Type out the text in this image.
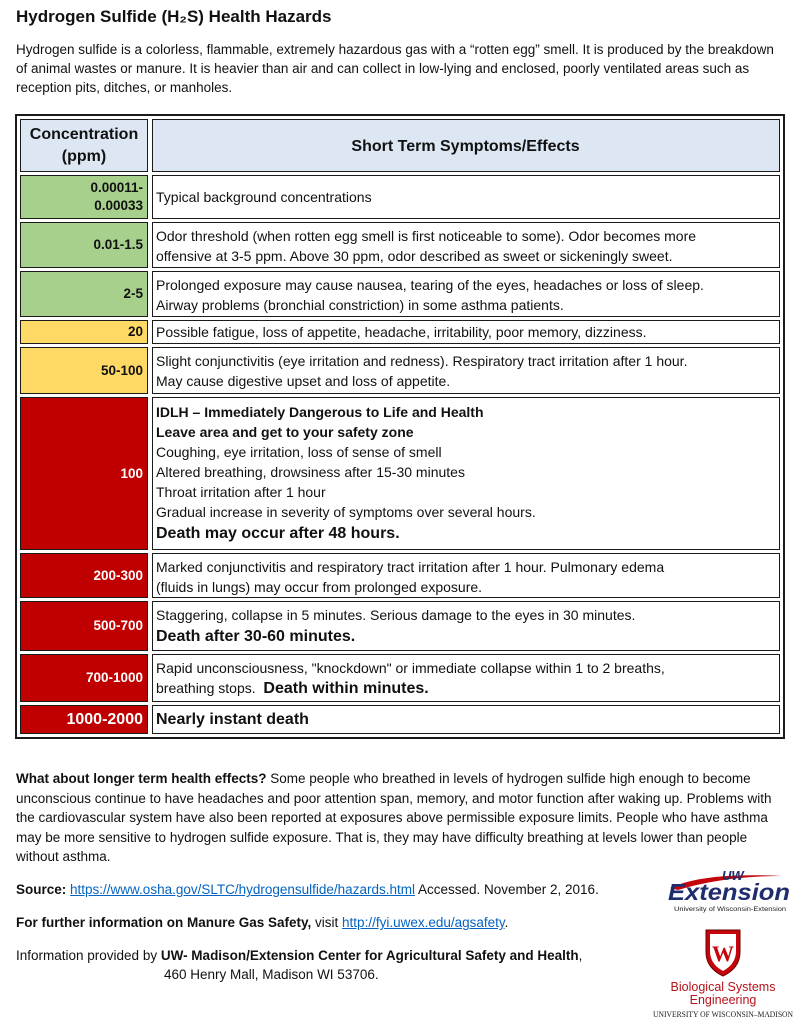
Hydrogen Sulfide (H₂S) Health Hazards
Hydrogen sulfide is a colorless, flammable, extremely hazardous gas with a “rotten egg” smell. It is produced by the breakdown of animal wastes or manure. It is heavier than air and can collect in low-lying and enclosed, poorly ventilated areas such as reception pits, ditches, or manholes.
Concentration
(ppm)
Short Term Symptoms/Effects
0.00011-
0.00033
Typical background concentrations
0.01-1.5
Odor threshold (when rotten egg smell is first noticeable to some). Odor becomes more
offensive at 3-5 ppm. Above 30 ppm, odor described as sweet or sickeningly sweet.
2-5
Prolonged exposure may cause nausea, tearing of the eyes, headaches or loss of sleep.
Airway problems (bronchial constriction) in some asthma patients.
20 Possible fatigue, loss of appetite, headache, irritability, poor memory, dizziness.
50-100
Slight conjunctivitis (eye irritation and redness). Respiratory tract irritation after 1 hour.
May cause digestive upset and loss of appetite.
100
IDLH – Immediately Dangerous to Life and Health
Leave area and get to your safety zone
Coughing, eye irritation, loss of sense of smell
Altered breathing, drowsiness after 15-30 minutes
Throat irritation after 1 hour
Gradual increase in severity of symptoms over several hours.
Death may occur after 48 hours.
200-300 Marked conjunctivitis and respiratory tract irritation after 1 hour. Pulmonary edema
(fluids in lungs) may occur from prolonged exposure.
500-700
Staggering, collapse in 5 minutes. Serious damage to the eyes in 30 minutes.
Death after 30-60 minutes.
700-1000
Rapid unconsciousness, "knockdown" or immediate collapse within 1 to 2 breaths,
breathing stops. Death within minutes.
1000-2000 Nearly instant death
What about longer term health effects? Some people who breathed in levels of hydrogen sulfide high enough to become unconscious continue to have headaches and poor attention span, memory, and motor function after waking up. Problems with the cardiovascular system have also been reported at exposures above permissible exposure limits. People who have asthma may be more sensitive to hydrogen sulfide exposure. That is, they may have difficulty breathing at levels lower than people without asthma.
Source: https://www.osha.gov/SLTC/hydrogensulfide/hazards.html Accessed. November 2, 2016.
For further information on Manure Gas Safety, visit http://fyi.uwex.edu/agsafety.
Information provided by UW- Madison/Extension Center for Agricultural Safety and Health,
460 Henry Mall, Madison WI 53706.
UW
Extension
University of Wisconsin-Extension
W
Biological Systems
Engineering
UNIVERSITY OF WISCONSIN–MADISON
